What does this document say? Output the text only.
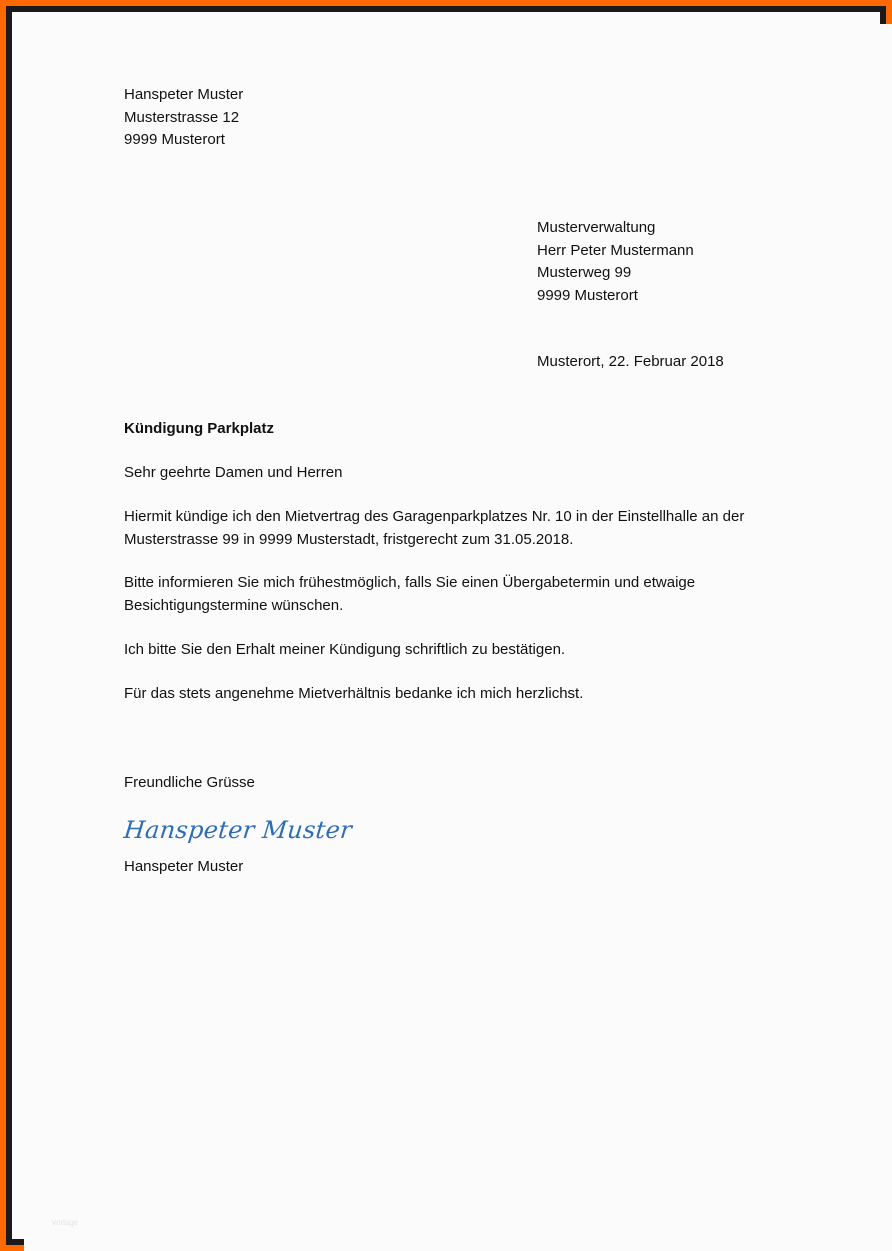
Hanspeter Muster
Musterstrasse 12
9999 Musterort
Musterverwaltung
Herr Peter Mustermann
Musterweg 99
9999 Musterort
Musterort, 22. Februar 2018
Kündigung Parkplatz
Sehr geehrte Damen und Herren
Hiermit kündige ich den Mietvertrag des Garagenparkplatzes Nr. 10 in der Einstellhalle an der
Musterstrasse 99 in 9999 Musterstadt, fristgerecht zum 31.05.2018.
Bitte informieren Sie mich frühestmöglich, falls Sie einen Übergabetermin und etwaige
Besichtigungstermine wünschen.
Ich bitte Sie den Erhalt meiner Kündigung schriftlich zu bestätigen.
Für das stets angenehme Mietverhältnis bedanke ich mich herzlichst.
Freundliche Grüsse
Hanspeter Muster
Hanspeter Muster
vorlage
